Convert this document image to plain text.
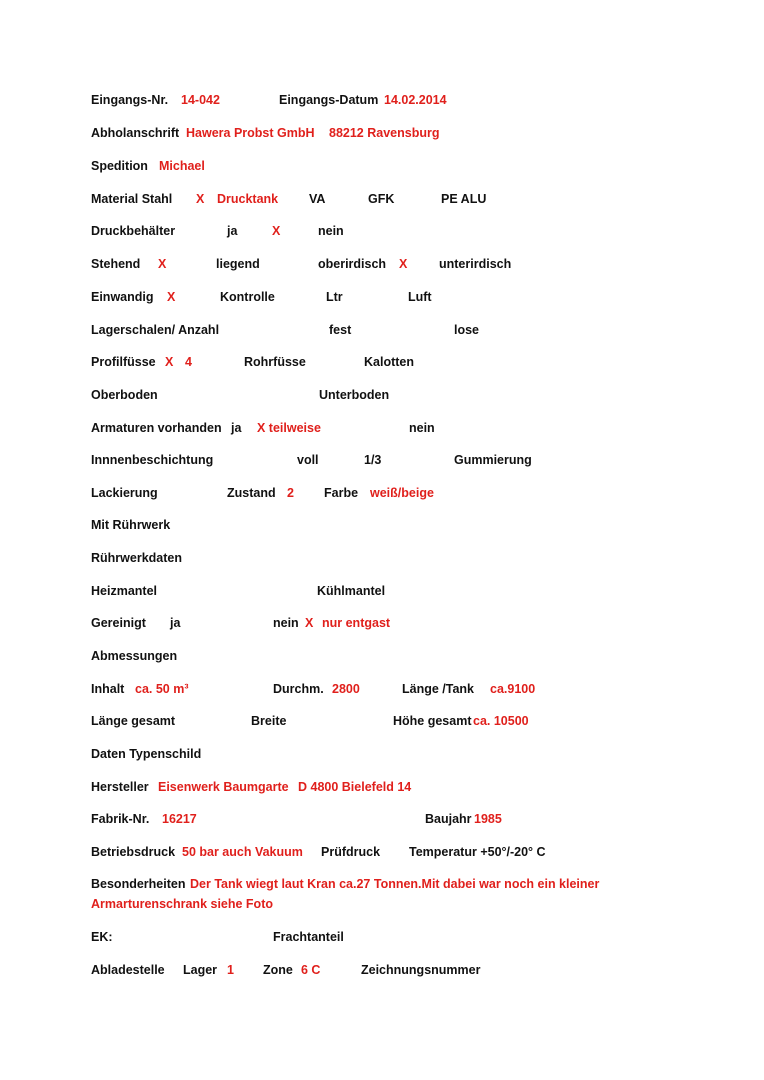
Eingangs-Nr. 14-042	Eingangs-Datum 14.02.2014
Abholanschrift Hawera Probst GmbH 88212 Ravensburg
Spedition Michael
Material Stahl X Drucktank VA	GFK	PE ALU
Druckbehälter	ja	X	nein
Stehend X	liegend	oberirdisch X	unterirdisch
Einwandig X	Kontrolle	Ltr	Luft
Lagerschalen/ Anzahl	fest	lose
Profilfüsse X 4	Rohrfüsse	Kalotten
Oberboden	Unterboden
Armaturen vorhanden ja X teilweise	nein
Innnenbeschichtung	voll	1/3	Gummierung
Lackierung	Zustand 2 Farbe weiß/beige
Mit Rührwerk
Rührwerkdaten
Heizmantel	Kühlmantel
Gereinigt ja	nein X nur entgast
Abmessungen
Inhalt ca. 50 m³	Durchm. 2800	Länge /Tank ca.9100
Länge gesamt	Breite	Höhe gesamt ca. 10500
Daten Typenschild
Hersteller Eisenwerk Baumgarte D 4800 Bielefeld 14
Fabrik-Nr. 16217	Baujahr 1985
Betriebsdruck 50 bar auch Vakuum Prüfdruck Temperatur +50°/-20° C
Besonderheiten Der Tank wiegt laut Kran ca.27 Tonnen.Mit dabei war noch ein kleiner
Armarturenschrank siehe Foto
EK:	Frachtanteil
Abladestelle Lager 1 Zone 6 C	Zeichnungsnummer
